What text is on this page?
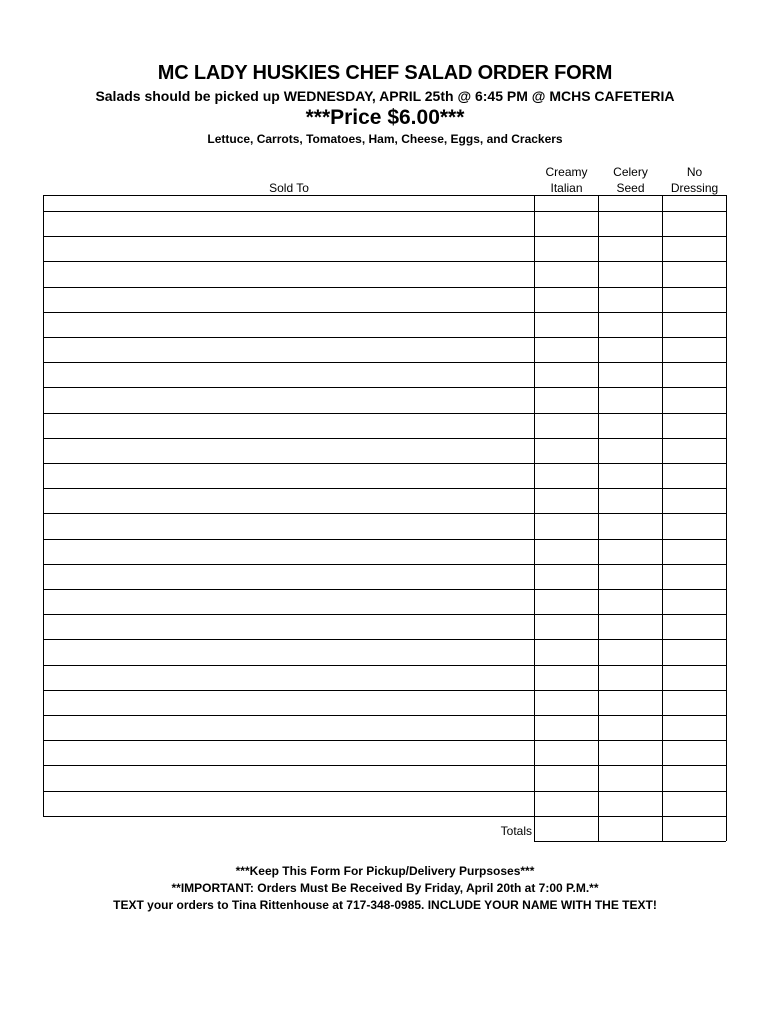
MC LADY HUSKIES CHEF SALAD ORDER FORM
Salads should be picked up WEDNESDAY, APRIL 25th @ 6:45 PM @ MCHS CAFETERIA
***Price $6.00***
Lettuce, Carrots, Tomatoes, Ham, Cheese, Eggs, and Crackers
Sold To
Creamy
Italian
Celery
Seed
No
Dressing
Totals
***Keep This Form For Pickup/Delivery Purpsoses***
**IMPORTANT: Orders Must Be Received By Friday, April 20th at 7:00 P.M.**
TEXT your orders to Tina Rittenhouse at 717-348-0985. INCLUDE YOUR NAME WITH THE TEXT!
